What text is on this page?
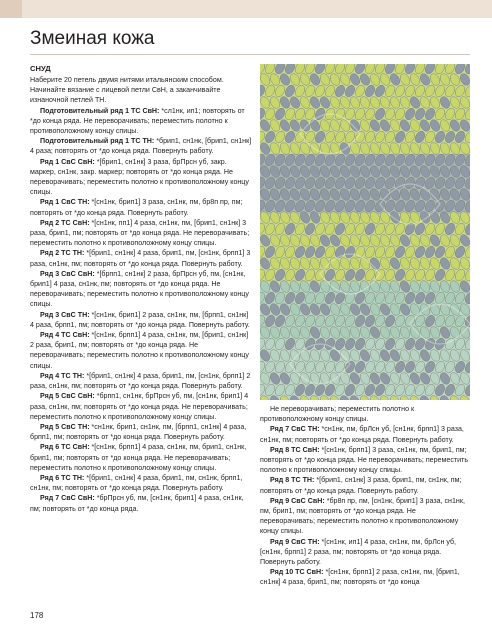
Змеиная кожа
СНУД

Наберите 20 петель двумя нитями итальянским способом. Начинайте вязание с лицевой петли СвН, а заканчивайте изнаночной петлей ТН.

Подготовительный ряд 1 ТС СвН: *сл1нк, ип1; повторять от *до конца ряда. Не переворачивать; переместить полотно к противоположному концу спицы.

Подготовительный ряд 1 ТС ТН: *брип1, сн1нк, [брип1, сн1нк] 4 раза; повторять от *до конца ряда. Повернуть работу.

Ряд 1 СвС СвН: *[брип1, сн1нк] 3 раза, брПрсн уб, закр. маркер, сн1нк, закр. маркер; повторять от *до конца ряда. Не переворачивать; переместить полотно к противоположному концу спицы.

Ряд 1 СвС ТН: *[сн1нк, брип1] 3 раза, сн1нк, пм, бр8п пр, пм; повторять от *до конца ряда. Повернуть работу.

Ряд 2 ТС СвН: *[сн1нк, пп1] 4 раза, сн1нк, пм, [брип1, сн1нк] 3 раза, брип1, пм; повторять от *до конца ряда. Не переворачивать; переместить полотно к противоположному концу спицы.

Ряд 2 ТС ТН: *[брип1, сн1нк] 4 раза, брип1, пм, [сн1нк, брпп1] 3 раза, сн1нк, пм; повторять от *до конца ряда. Повернуть работу.

Ряд 3 СвС СвН: *[брпп1, сн1нк] 2 раза, брПрсн уб, пм, [сн1нк, брип1] 4 раза, сн1нк, пм; повторять от *до конца ряда. Не переворачивать; переместить полотно к противоположному концу спицы.

Ряд 3 СвС ТН: *[сн1нк, брип1] 2 раза, сн1нк, пм, [брпп1, сн1нк] 4 раза, брпп1, пм; повторять от *до конца ряда. Повернуть работу.

Ряд 4 ТС СвН: *[сн1нк, брпп1] 4 раза, сн1нк, пм, [брип1, сн1нк] 2 раза, брип1, пм; повторять от *до конца ряда. Не переворачивать; переместить полотно к противоположному концу спицы.

Ряд 4 ТС ТН: *[брип1, сн1нк] 4 раза, брип1, пм, [сн1нк, брпп1] 2 раза, сн1нк, пм; повторять от *до конца ряда. Повернуть работу.

Ряд 5 СвС СвН: *брпп1, сн1нк, брПрсн уб, пм, [сн1нк, брип1] 4 раза, сн1нк, пм; повторять от *до конца ряда. Не переворачивать; переместить полотно к противоположному концу спицы.

Ряд 5 СвС ТН: *сн1нк, брип1, сн1нк, пм, [брпп1, сн1нк] 4 раза, брпп1, пм; повторять от *до конца ряда. Повернуть работу.

Ряд 6 ТС СвН: *[сн1нк, брпп1] 4 раза, сн1нк, пм, брип1, сн1нк, брип1, пм; повторять от *до конца ряда. Не переворачивать; переместить полотно к противоположному концу спицы.

Ряд 6 ТС ТН: *[брип1, сн1нк] 4 раза, брип1, пм, сн1нк, брпп1, сн1нк, пм; повторять от *до конца ряда. Повернуть работу.

Ряд 7 СвС СвН: *брПрсн уб, пм, [сн1нк, брип1] 4 раза, сн1нк, пм; повторять от *до конца ряда.

Не переворачивать; переместить полотно к противоположному концу спицы.

Ряд 7 СвС ТН: *сн1нк, пм, брЛсн уб, [сн1нк, брпп1] 3 раза, сн1нк, пм; повторять от *до конца ряда. Повернуть работу.

Ряд 8 ТС СвН: *[сн1нк, брпп1] 3 раза, сн1нк, пм, брип1, пм; повторять от *до конца ряда. Не переворачивать; переместить полотно к противоположному концу спицы.

Ряд 8 ТС ТН: *[брип1, сн1нк] 3 раза, брип1, пм, сн1нк, пм; повторять от *до конца ряда. Повернуть работу.

Ряд 9 СвС СвН: *бр8п пр, пм, [сн1нк, брип1] 3 раза, сн1нк, пм, брип1, пм; повторять от *до конца ряда. Не переворачивать; переместить полотно к противоположному концу спицы.

Ряд 9 СвС ТН: *[сн1нк, ип1] 4 раза, сн1нк, пм, брЛсн уб, [сн1нк, брпп1] 2 раза, пм; повторять от *до конца ряда. Повернуть работу.

Ряд 10 ТС СвН: *[сн1нк, брпп1] 2 раза, сн1нк, пм, [брип1, сн1нк] 4 раза, брип1, пм; повторять от *до конца

178
